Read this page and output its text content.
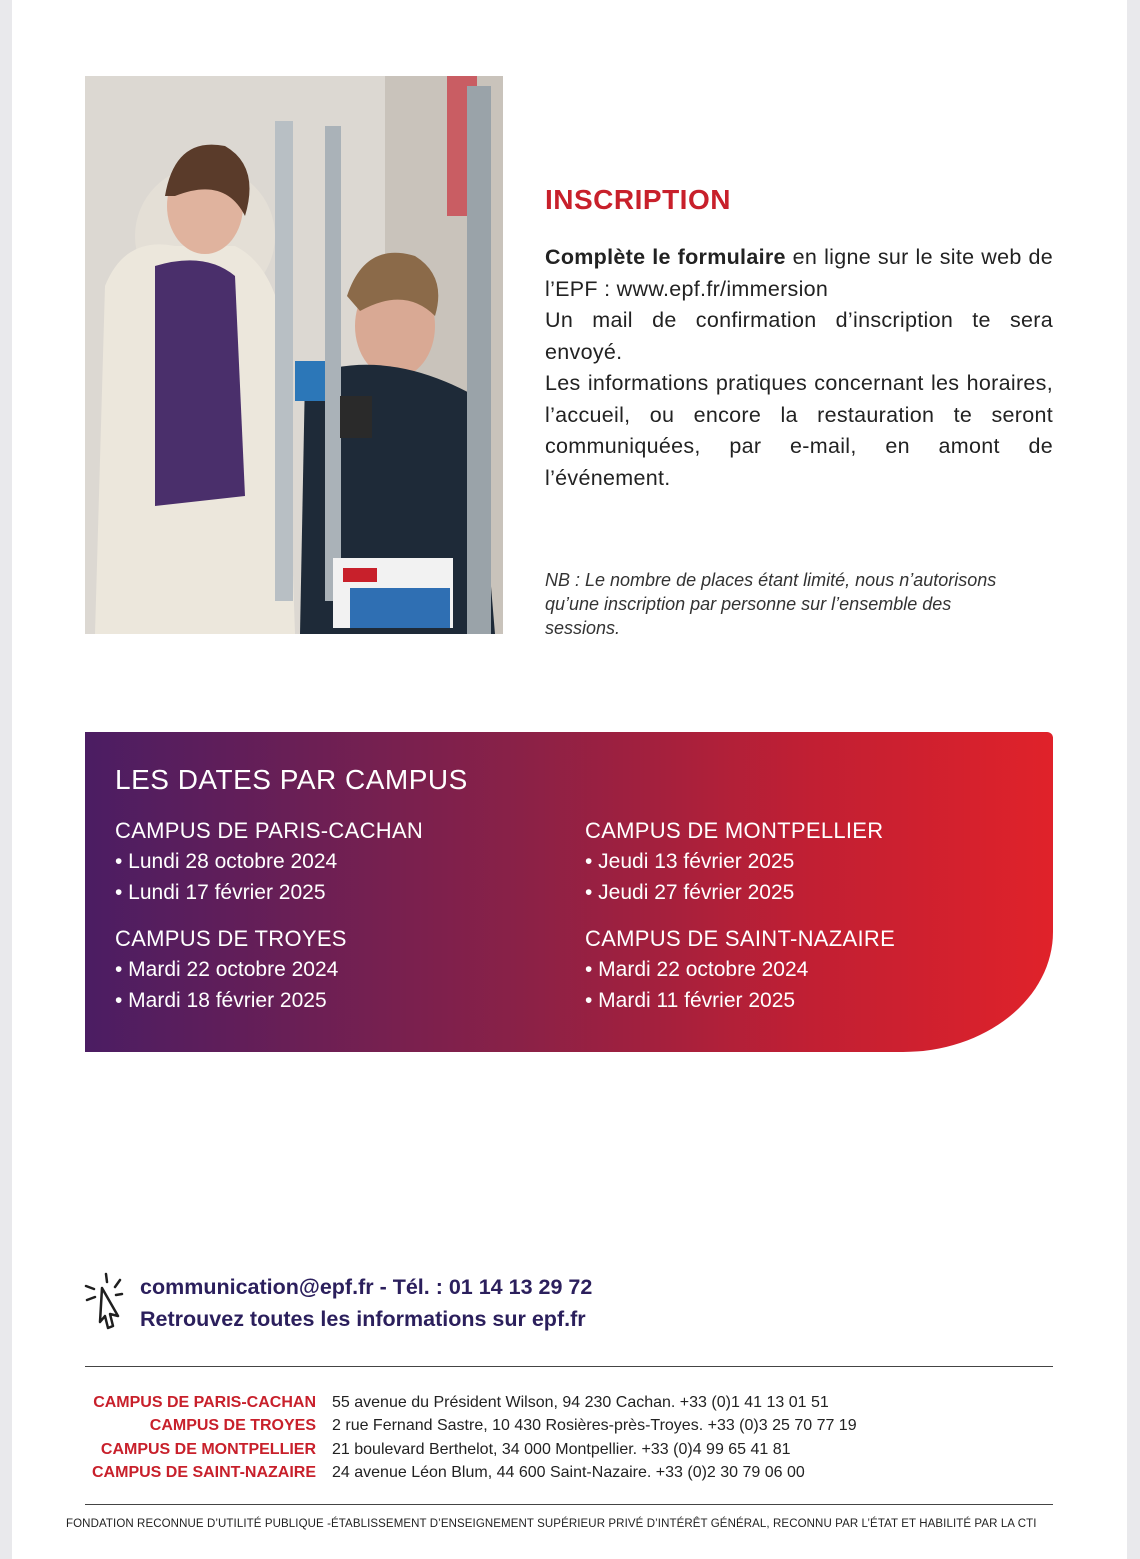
INSCRIPTION

Complète le formulaire en ligne sur le site web de l’EPF : www.epf.fr/immersion

Un mail de confirmation d’inscription te sera envoyé.

Les informations pratiques concernant les horaires, l’accueil, ou encore la restauration te seront communiquées, par e-mail, en amont de l’événement.

NB : Le nombre de places étant limité, nous n’autorisons qu’une inscription par personne sur l’ensemble des sessions.
LES DATES PAR CAMPUS
CAMPUS DE PARIS-CACHAN
• Lundi 28 octobre 2024
• Lundi 17 février 2025
CAMPUS DE MONTPELLIER
• Jeudi 13 février 2025
• Jeudi 27 février 2025
CAMPUS DE TROYES
• Mardi 22 octobre 2024
• Mardi 18 février 2025
CAMPUS DE SAINT-NAZAIRE
• Mardi 22 octobre 2024
• Mardi 11 février 2025
communication@epf.fr - Tél. : 01 14 13 29 72
Retrouvez toutes les informations sur epf.fr
CAMPUS DE PARIS-CACHAN	55 avenue du Président Wilson, 94 230 Cachan. +33 (0)1 41 13 01 51
CAMPUS DE TROYES	2 rue Fernand Sastre, 10 430 Rosières-près-Troyes. +33 (0)3 25 70 77 19
CAMPUS DE MONTPELLIER	21 boulevard Berthelot, 34 000 Montpellier. +33 (0)4 99 65 41 81
CAMPUS DE SAINT-NAZAIRE	24 avenue Léon Blum, 44 600 Saint-Nazaire. +33 (0)2 30 79 06 00
FONDATION RECONNUE D’UTILITÉ PUBLIQUE -ÉTABLISSEMENT D’ENSEIGNEMENT SUPÉRIEUR PRIVÉ D’INTÉRÊT GÉNÉRAL, RECONNU PAR L’ÉTAT ET HABILITÉ PAR LA CTI
